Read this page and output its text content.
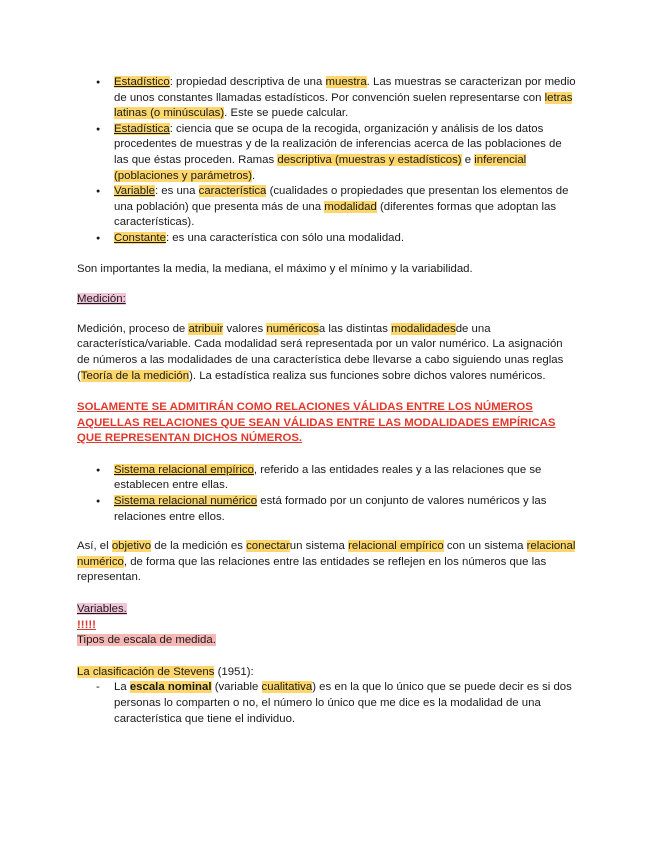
● Estadístico: propiedad descriptiva de una muestra. Las muestras se caracterizan por medio de unos constantes llamadas estadísticos. Por convención suelen representarse con letras latinas (o minúsculas). Este se puede calcular.
● Estadística: ciencia que se ocupa de la recogida, organización y análisis de los datos procedentes de muestras y de la realización de inferencias acerca de las poblaciones de las que éstas proceden. Ramas descriptiva (muestras y estadísticos) e inferencial (poblaciones y parámetros).
● Variable: es una característica (cualidades o propiedades que presentan los elementos de una población) que presenta más de una modalidad (diferentes formas que adoptan las características).
● Constante: es una característica con sólo una modalidad.

Son importantes la media, la mediana, el máximo y el mínimo y la variabilidad.

Medición:

Medición, proceso de atribuir valores numéricosa las distintas modalidadesde una característica/variable. Cada modalidad será representada por un valor numérico. La asignación de números a las modalidades de una característica debe llevarse a cabo siguiendo unas reglas (Teoría de la medición). La estadística realiza sus funciones sobre dichos valores numéricos.

SOLAMENTE SE ADMITIRÁN COMO RELACIONES VÁLIDAS ENTRE LOS NÚMEROS AQUELLAS RELACIONES QUE SEAN VÁLIDAS ENTRE LAS MODALIDADES EMPÍRICAS QUE REPRESENTAN DICHOS NÚMEROS.

● Sistema relacional empírico, referido a las entidades reales y a las relaciones que se establecen entre ellas.
● Sistema relacional numérico está formado por un conjunto de valores numéricos y las relaciones entre ellos.

Así, el objetivo de la medición es conectarun sistema relacional empírico con un sistema relacional numérico, de forma que las relaciones entre las entidades se reflejen en los números que las representan.

Variables.

!!!!!

Tipos de escala de medida.

La clasificación de Stevens (1951):

- La escala nominal (variable cualitativa) es en la que lo único que se puede decir es si dos personas lo comparten o no, el número lo único que me dice es la modalidad de una característica que tiene el individuo.
